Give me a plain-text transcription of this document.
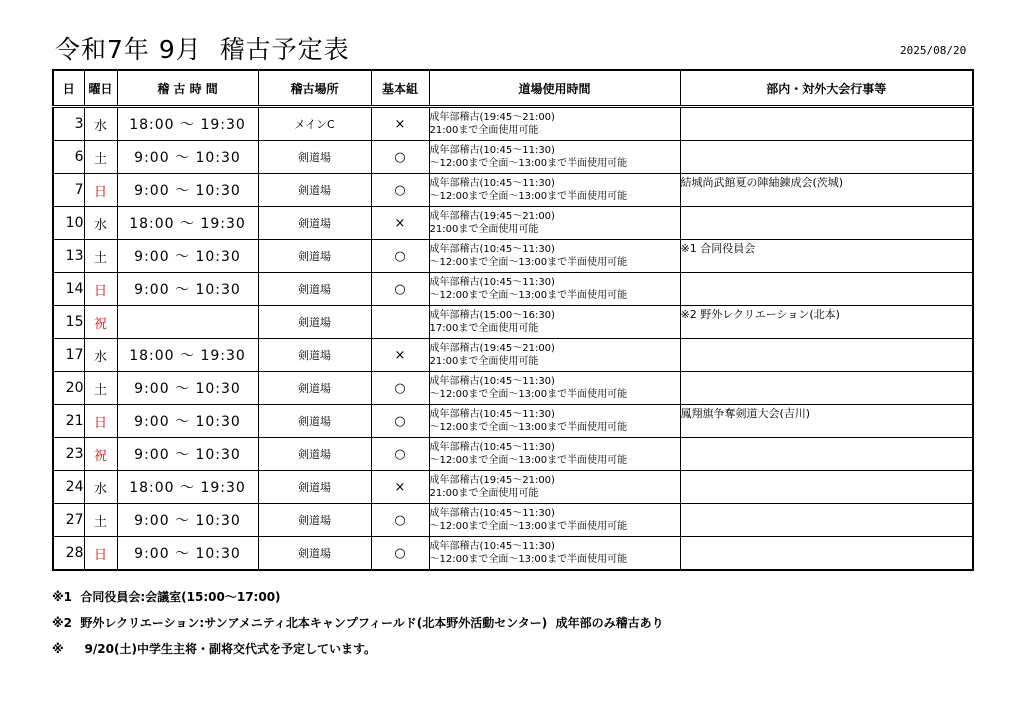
令和7年 9月  稽古予定表	2025/08/20
日	曜日	稽 古 時 間	稽古場所	基本組	道場使用時間	部内・対外大会行事等
3	水	18:00 〜 19:30	メインC	×	成年部稽古(19:45〜21:00)
21:00まで全面使用可能	

6	土	9:00 〜 10:30	剣道場	○	成年部稽古(10:45〜11:30)
〜12:00まで全面〜13:00まで半面使用可能	

7	日	9:00 〜 10:30	剣道場	○	成年部稽古(10:45〜11:30)
〜12:00まで全面〜13:00まで半面使用可能	結城尚武館夏の陣紬錬成会(茨城)
10	水	18:00 〜 19:30	剣道場	×	成年部稽古(19:45〜21:00)
21:00まで全面使用可能	

13	土	9:00 〜 10:30	剣道場	○	成年部稽古(10:45〜11:30)
〜12:00まで全面〜13:00まで半面使用可能	※1 合同役員会
14	日	9:00 〜 10:30	剣道場	○	成年部稽古(10:45〜11:30)
〜12:00まで全面〜13:00まで半面使用可能	

15	祝		剣道場		成年部稽古(15:00〜16:30)
17:00まで全面使用可能	※2 野外レクリエーション(北本)
17	水	18:00 〜 19:30	剣道場	×	成年部稽古(19:45〜21:00)
21:00まで全面使用可能	

20	土	9:00 〜 10:30	剣道場	○	成年部稽古(10:45〜11:30)
〜12:00まで全面〜13:00まで半面使用可能	

21	日	9:00 〜 10:30	剣道場	○	成年部稽古(10:45〜11:30)
〜12:00まで全面〜13:00まで半面使用可能	鳳翔旗争奪剣道大会(吉川)
23	祝	9:00 〜 10:30	剣道場	○	成年部稽古(10:45〜11:30)
〜12:00まで全面〜13:00まで半面使用可能	

24	水	18:00 〜 19:30	剣道場	×	成年部稽古(19:45〜21:00)
21:00まで全面使用可能	

27	土	9:00 〜 10:30	剣道場	○	成年部稽古(10:45〜11:30)
〜12:00まで全面〜13:00まで半面使用可能	

28	日	9:00 〜 10:30	剣道場	○	成年部稽古(10:45〜11:30)
〜12:00まで全面〜13:00まで半面使用可能	

※1  合同役員会:会議室(15:00〜17:00)
※2  野外レクリエーション:サンアメニティ北本キャンプフィールド(北本野外活動センター)  成年部のみ稽古あり
※     9/20(土)中学生主将・副将交代式を予定しています。
